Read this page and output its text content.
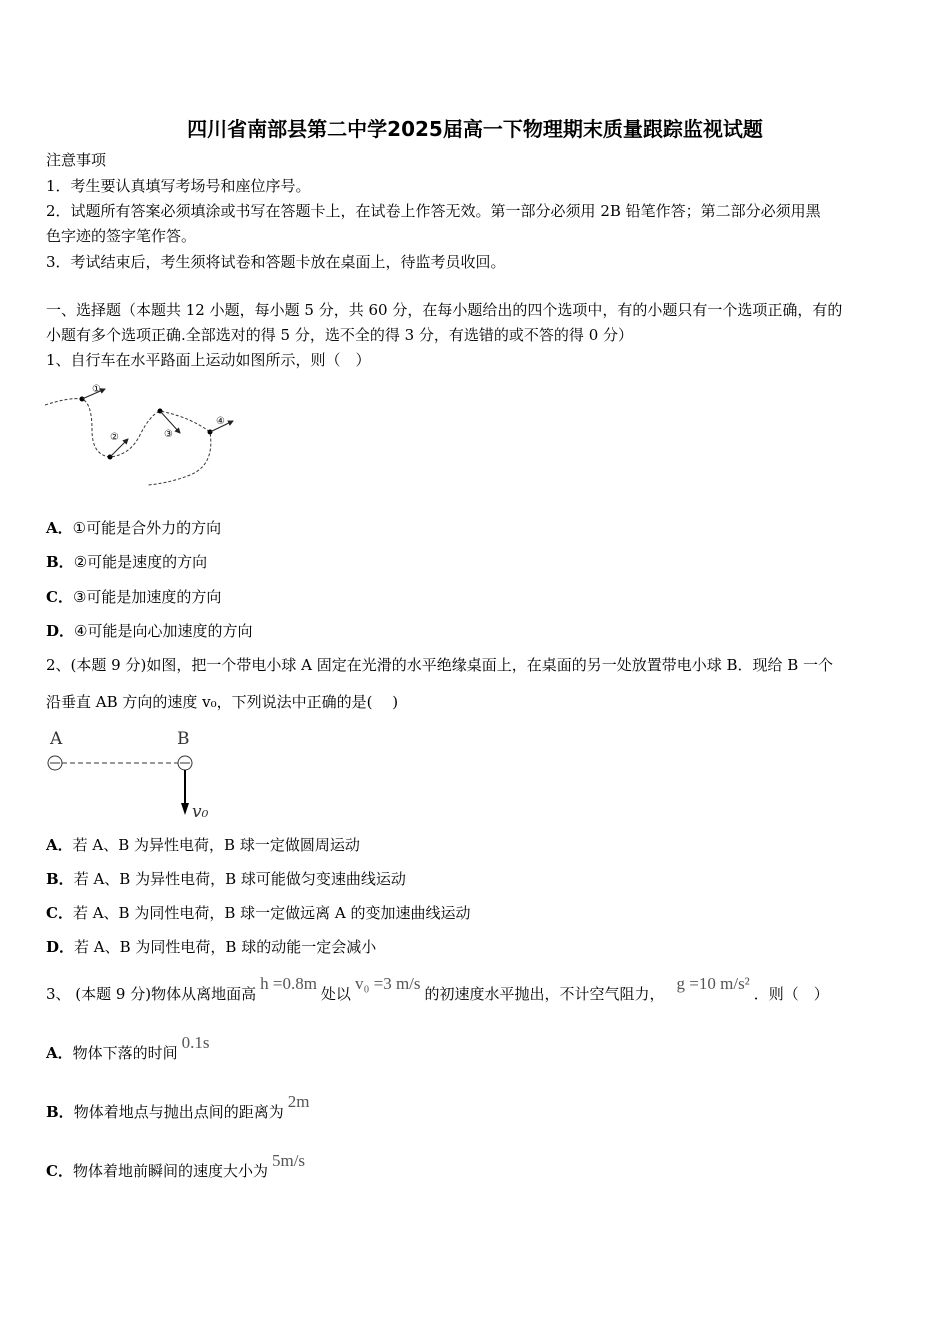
四川省南部县第二中学2025届高一下物理期末质量跟踪监视试题
注意事项
1．考生要认真填写考场号和座位序号。
2．试题所有答案必须填涂或书写在答题卡上，在试卷上作答无效。第一部分必须用 2B 铅笔作答；第二部分必须用黑
色字迹的签字笔作答。
3．考试结束后，考生须将试卷和答题卡放在桌面上，待监考员收回。
一、选择题（本题共 12 小题，每小题 5 分，共 60 分，在每小题给出的四个选项中，有的小题只有一个选项正确，有的
小题有多个选项正确.全部选对的得 5 分，选不全的得 3 分，有选错的或不答的得 0 分）
1、自行车在水平路面上运动如图所示，则（　）
①
②	③
④
A．①可能是合外力的方向
B．②可能是速度的方向
C．③可能是加速度的方向
D．④可能是向心加速度的方向
2、(本题 9 分)如图，把一个带电小球 A 固定在光滑的水平绝缘桌面上，在桌面的另一处放置带电小球 B．现给 B 一个
沿垂直 AB 方向的速度 v₀，下列说法中正确的是(　 )
A	B
v₀
A．若 A、B 为异性电荷，B 球一定做圆周运动
B．若 A、B 为异性电荷，B 球可能做匀变速曲线运动
C．若 A、B 为同性电荷，B 球一定做远离 A 的变加速曲线运动
D．若 A、B 为同性电荷，B 球的动能一定会减小
3、 (本题 9 分)物体从离地面高h =0.8m处以v₀ =3 m/s的初速度水平抛出，不计空气阻力，g =10 m/s²．则（　）
A．物体下落的时间0.1s
B．物体着地点与抛出点间的距离为2m
C．物体着地前瞬间的速度大小为5m/s
